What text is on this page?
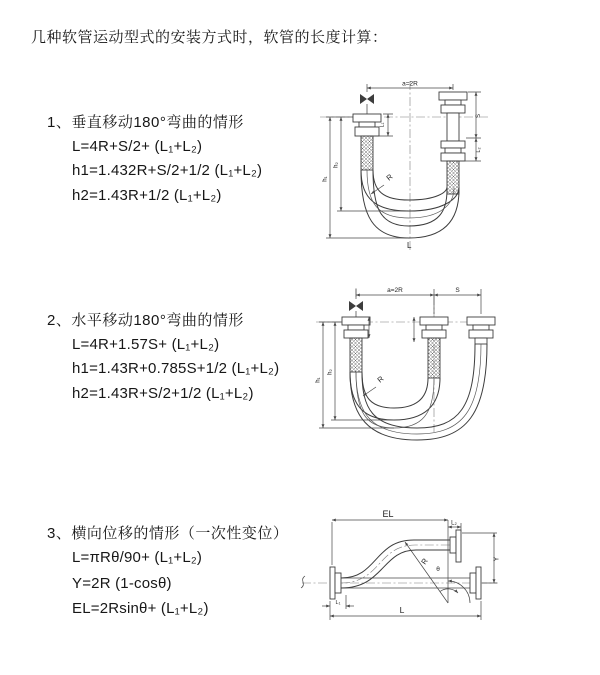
几种软管运动型式的安装方式时，软管的长度计算：
1、垂直移动180°弯曲的情形
L=4R+S/2+ (L₁+L₂)
h1=1.432R+S/2+1/2 (L₁+L₂)
h2=1.43R+1/2 (L₁+L₂)
2、水平移动180°弯曲的情形
L=4R+1.57S+ (L₁+L₂)
h1=1.43R+0.785S+1/2 (L₁+L₂)
h2=1.43R+S/2+1/2 (L₁+L₂)
3、横向位移的情形（一次性变位）
L=πRθ/90+ (L₁+L₂)
Y=2R (1-cosθ)
EL=2Rsinθ+ (L₁+L₂)
a=2R
h₁
h₂
L₁
S
L₂
R
L
a=2R	S
h₁
h₂
R
EL
L₂
Y
R
θ
L₁
L
